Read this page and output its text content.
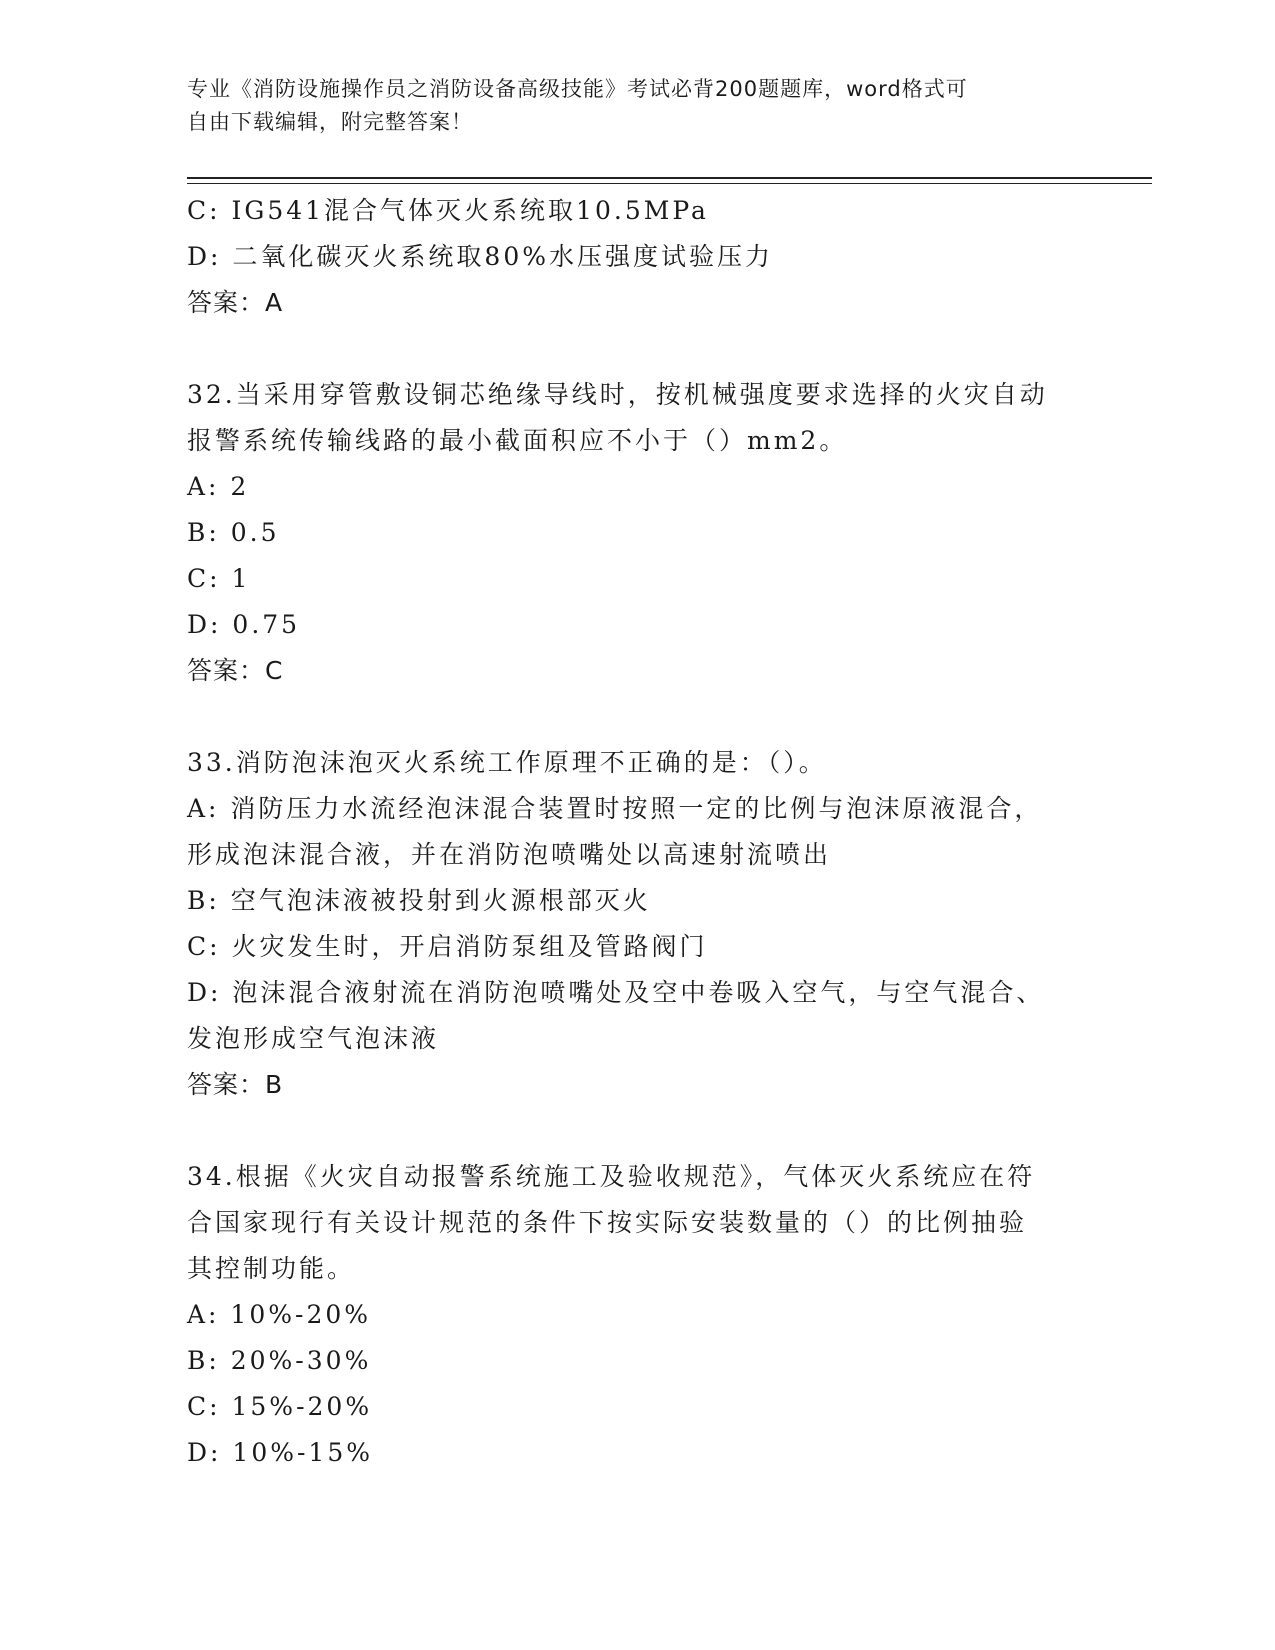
专业《消防设施操作员之消防设备高级技能》考试必背200题题库，word格式可
自由下载编辑，附完整答案！
C: IG541混合气体灭火系统取10.5MPa
D: 二氧化碳灭火系统取80%水压强度试验压力
答案：A
32.当采用穿管敷设铜芯绝缘导线时，按机械强度要求选择的火灾自动
报警系统传输线路的最小截面积应不小于（）mm2。
A: 2
B: 0.5
C: 1
D: 0.75
答案：C
33.消防泡沫泡灭火系统工作原理不正确的是：（）。
A: 消防压力水流经泡沫混合装置时按照一定的比例与泡沫原液混合，
形成泡沫混合液，并在消防泡喷嘴处以高速射流喷出
B: 空气泡沫液被投射到火源根部灭火
C: 火灾发生时，开启消防泵组及管路阀门
D: 泡沫混合液射流在消防泡喷嘴处及空中卷吸入空气，与空气混合、
发泡形成空气泡沫液
答案：B
34.根据《火灾自动报警系统施工及验收规范》，气体灭火系统应在符
合国家现行有关设计规范的条件下按实际安装数量的（）的比例抽验
其控制功能。
A: 10%-20%
B: 20%-30%
C: 15%-20%
D: 10%-15%
